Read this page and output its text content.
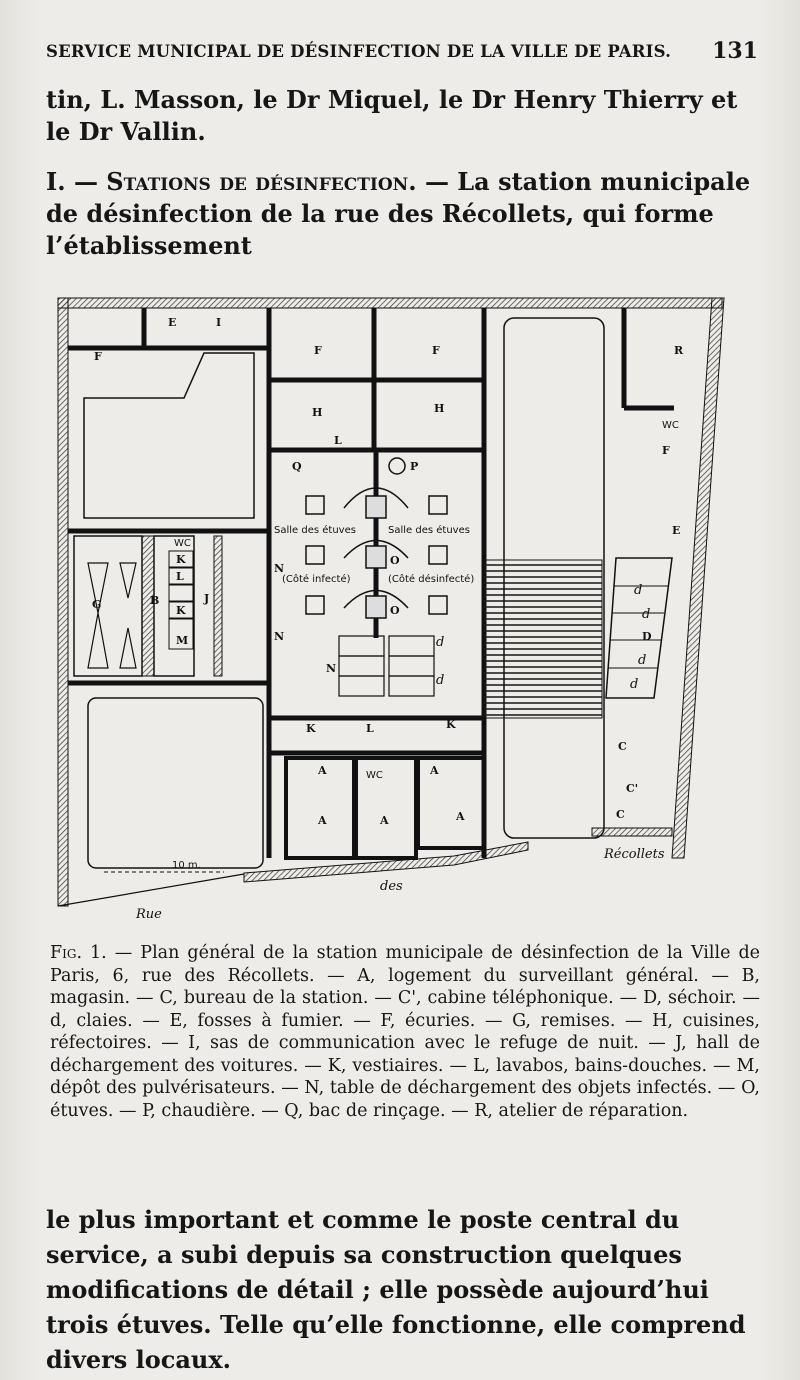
SERVICE MUNICIPAL DE DÉSINFECTION DE LA VILLE DE PARIS. 131
tin, L. Masson, le Dr Miquel, le Dr Henry Thierry et le Dr Vallin.
I. — Stations de désinfection. — La station municipale de désinfection de la rue des Récollets, qui forme l’établissement
E	I
F	F	F	R
F
WC
H	H
L
Q	P
Salle des étuves	Salle des étuves
(Côté infecté)	(Côté désinfecté)
N
N
N
d
d
O
O
G	B	J
WC
K
L
K
M
K	L	K
A	WC	A
A	A	A
E
d
d
D
d
d
C
C'
C
Récollets
des
Rue
10 m.
Fig. 1. — Plan général de la station municipale de désinfection de la Ville de Paris, 6, rue des Récollets. — A, logement du surveillant général. — B, magasin. — C, bureau de la station. — C', cabine téléphonique. — D, séchoir. — d, claies. — E, fosses à fumier. — F, écuries. — G, remises. — H, cuisines, réfectoires. — I, sas de communication avec le refuge de nuit. — J, hall de déchargement des voitures. — K, vestiaires. — L, lavabos, bains-douches. — M, dépôt des pulvérisateurs. — N, table de déchargement des objets infectés. — O, étuves. — P, chaudière. — Q, bac de rinçage. — R, atelier de réparation.
le plus important et comme le poste central du service, a subi depuis sa construction quelques modifications de détail ; elle possède aujourd’hui trois étuves. Telle qu’elle fonctionne, elle comprend divers locaux.
